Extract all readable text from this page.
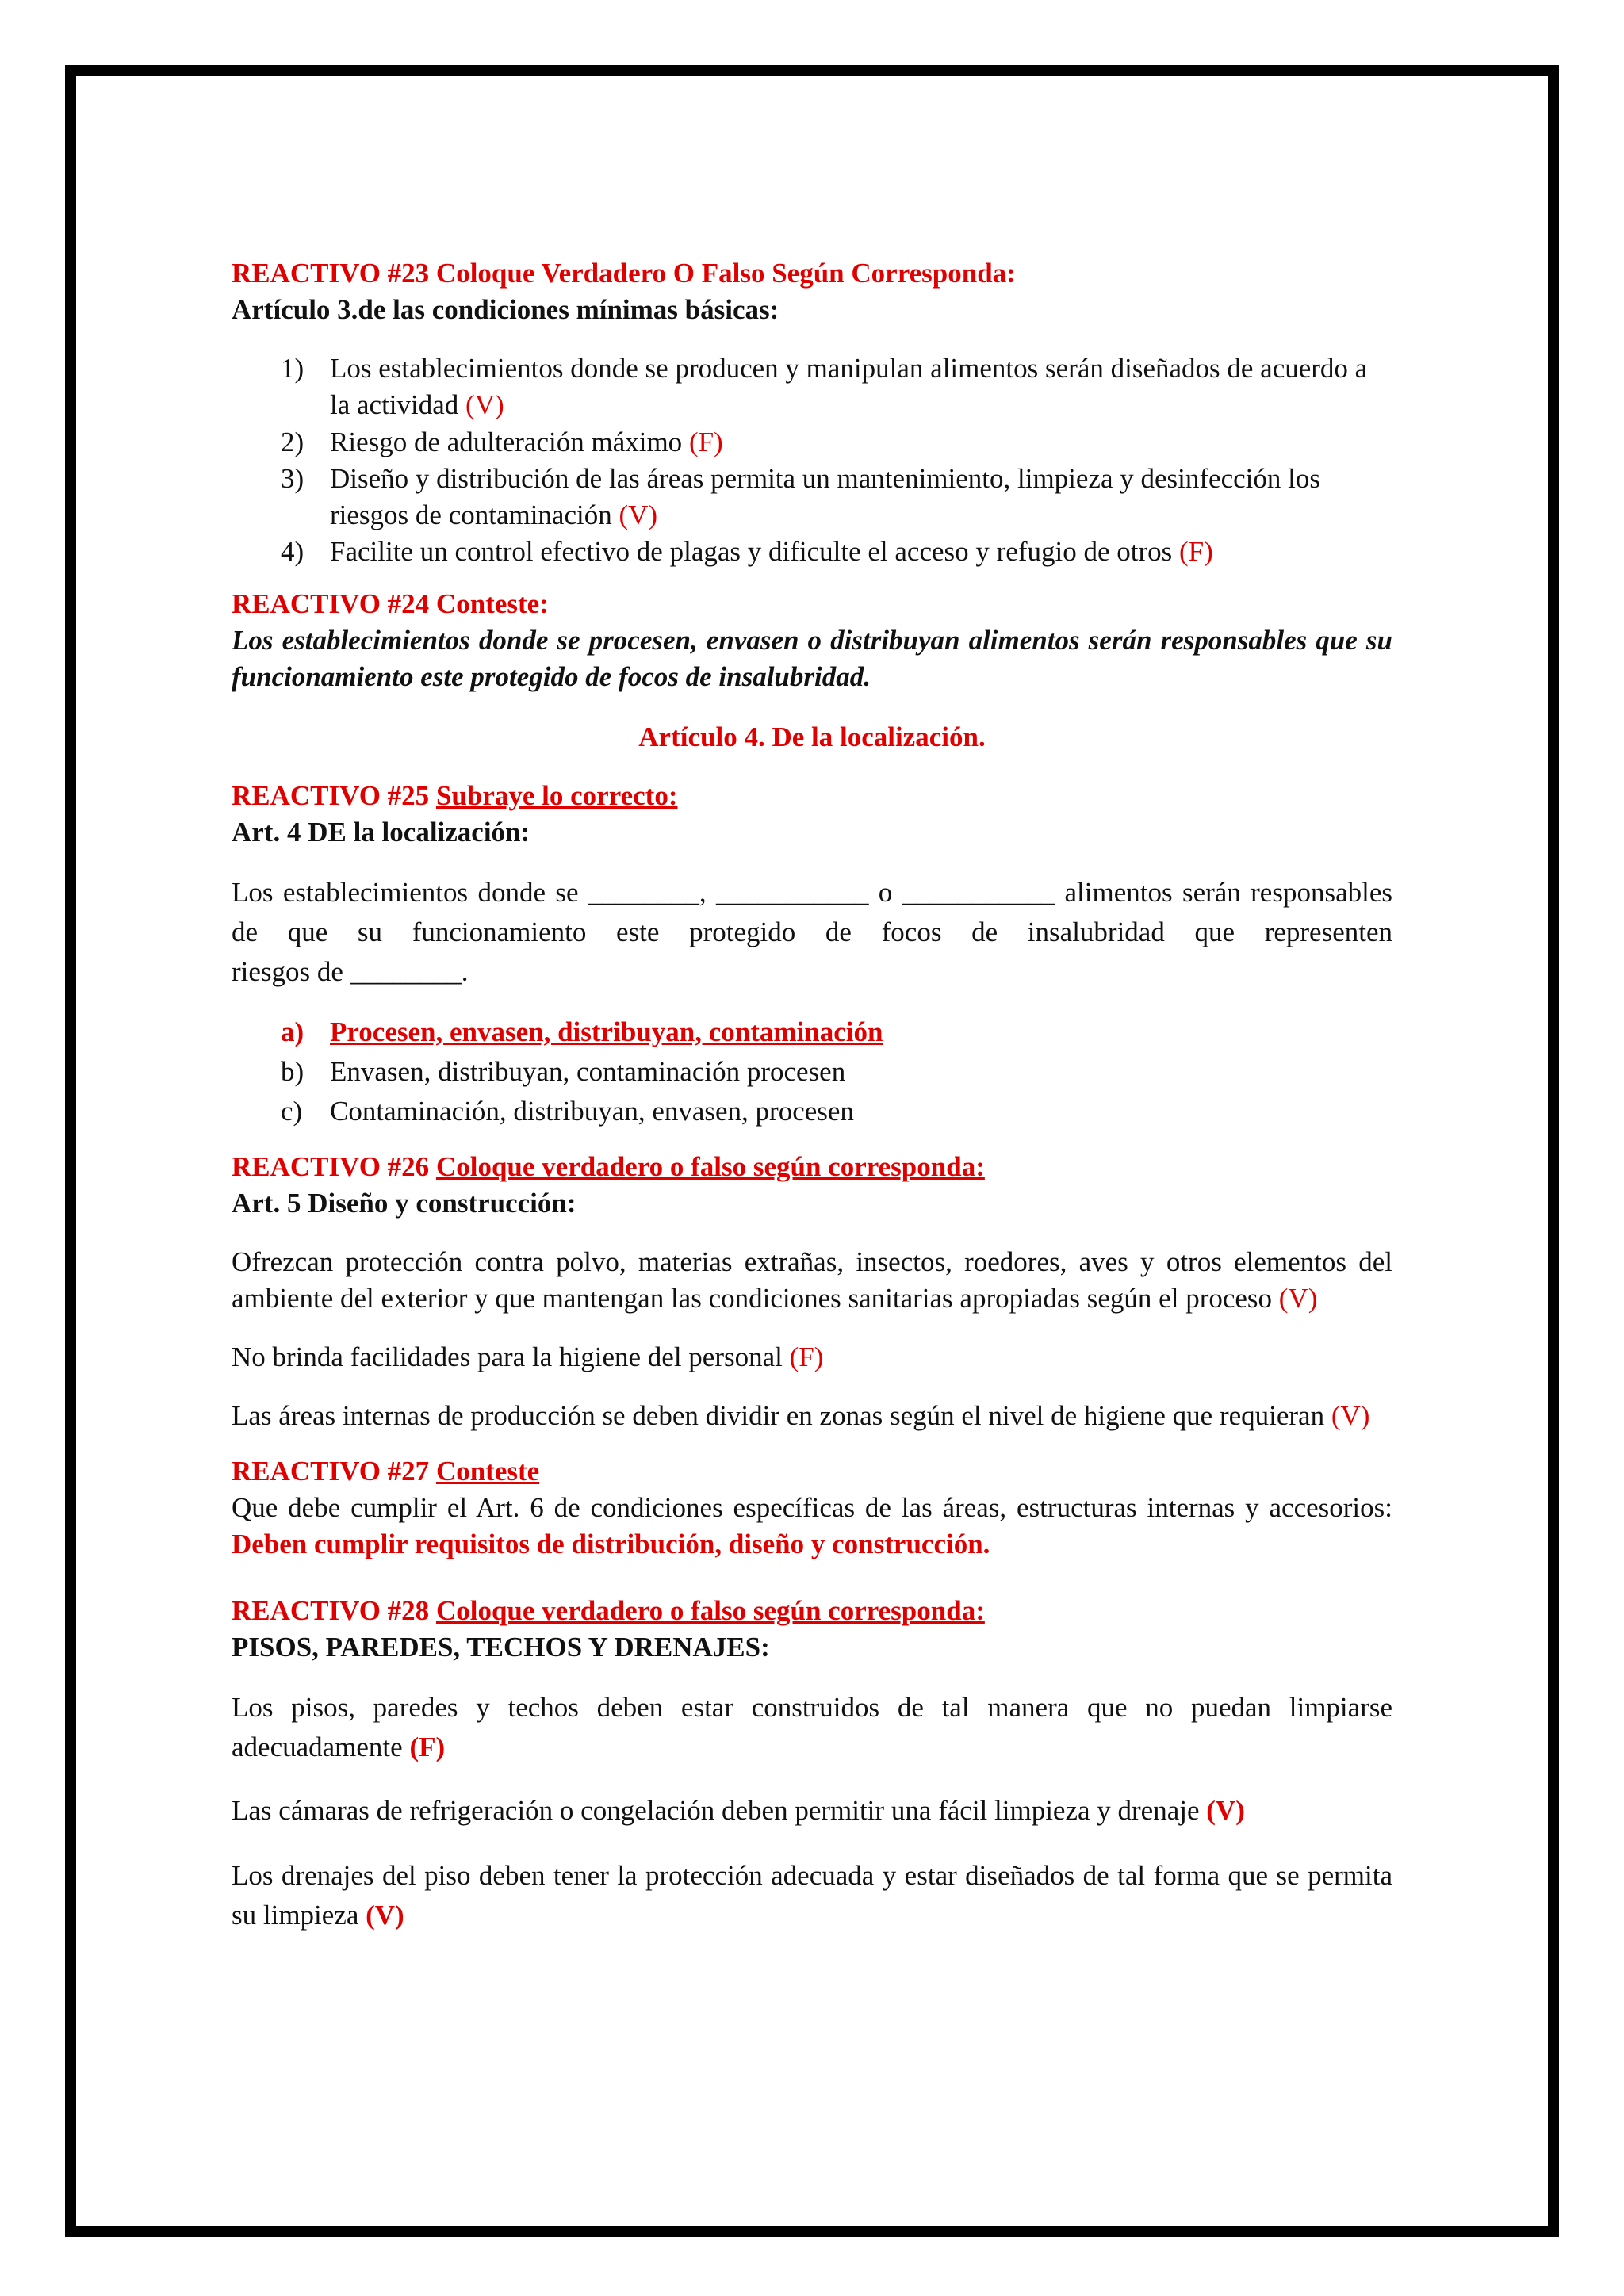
REACTIVO #23 Coloque Verdadero O Falso Según Corresponda:

Artículo 3.de las condiciones mínimas básicas:

1) Los establecimientos donde se producen y manipulan alimentos serán diseñados de acuerdo a la actividad (V)
2) Riesgo de adulteración máximo (F)
3) Diseño y distribución de las áreas permita un mantenimiento, limpieza y desinfección los riesgos de contaminación (V)
4) Facilite un control efectivo de plagas y dificulte el acceso y refugio de otros (F)

REACTIVO #24 Conteste:

Los establecimientos donde se procesen, envasen o distribuyan alimentos serán responsables que su funcionamiento este protegido de focos de insalubridad.

Artículo 4. De la localización.

REACTIVO #25 Subraye lo correcto:

Art. 4 DE la localización:

Los establecimientos donde se ________, ___________ o ___________ alimentos serán responsables de que su funcionamiento este protegido de focos de insalubridad que representen

riesgos de ________.

a) Procesen, envasen, distribuyan, contaminación
b) Envasen, distribuyan, contaminación procesen
c) Contaminación, distribuyan, envasen, procesen

REACTIVO #26 Coloque verdadero o falso según corresponda:

Art. 5 Diseño y construcción:

Ofrezcan protección contra polvo, materias extrañas, insectos, roedores, aves y otros elementos del ambiente del exterior y que mantengan las condiciones sanitarias apropiadas según el proceso (V)

No brinda facilidades para la higiene del personal (F)

Las áreas internas de producción se deben dividir en zonas según el nivel de higiene que requieran (V)

REACTIVO #27 Conteste

Que debe cumplir el Art. 6 de condiciones específicas de las áreas, estructuras internas y accesorios: Deben cumplir requisitos de distribución, diseño y construcción.

REACTIVO #28 Coloque verdadero o falso según corresponda:

PISOS, PAREDES, TECHOS Y DRENAJES:

Los pisos, paredes y techos deben estar construidos de tal manera que no puedan limpiarse adecuadamente (F)

Las cámaras de refrigeración o congelación deben permitir una fácil limpieza y drenaje (V)

Los drenajes del piso deben tener la protección adecuada y estar diseñados de tal forma que se permita su limpieza (V)
